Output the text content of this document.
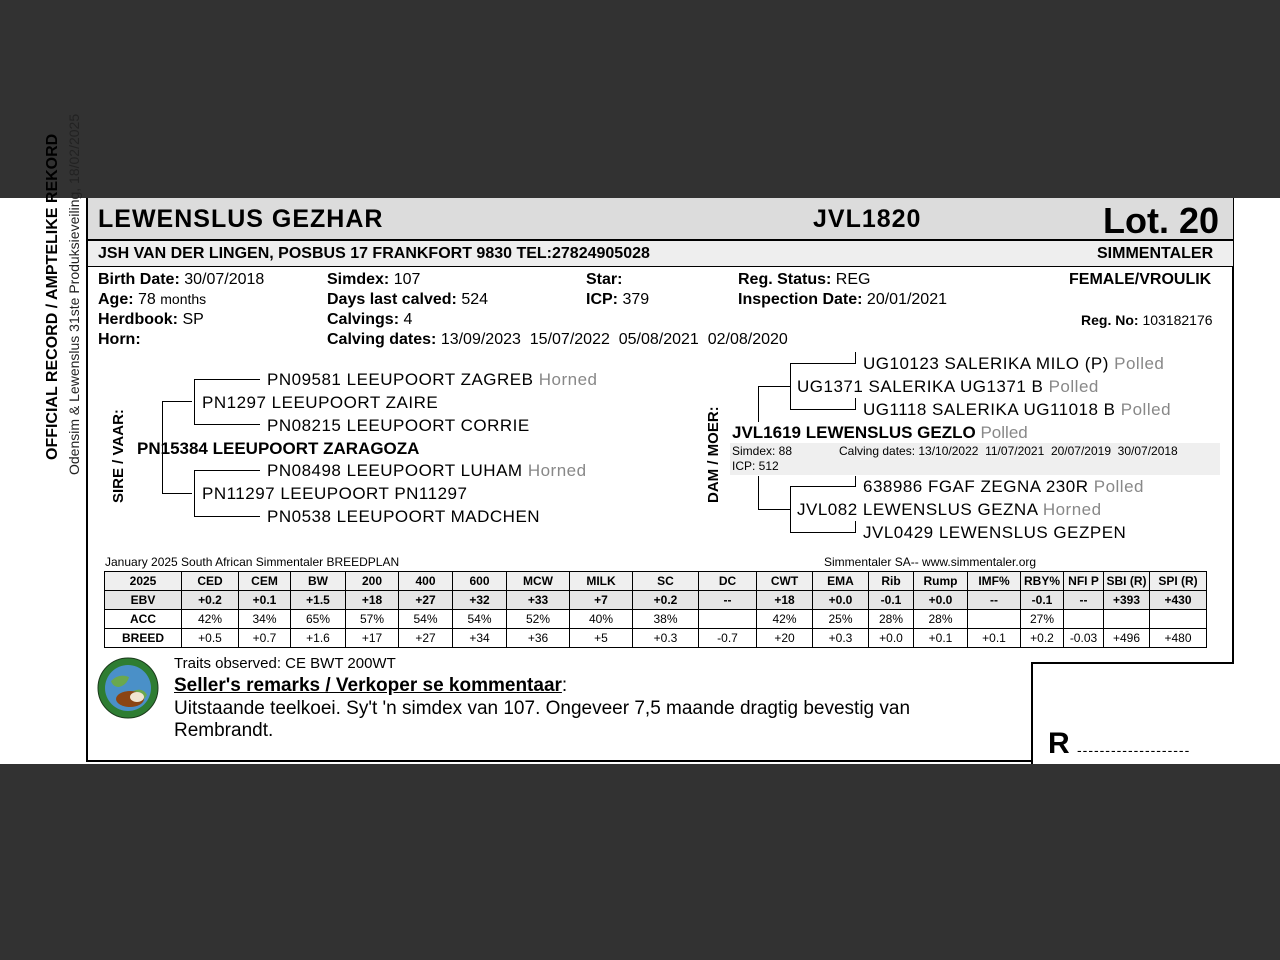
OFFICIAL RECORD / AMPTELIKE REKORD Odensim & Lewenslus 31ste Produksieveiling, 18/02/2025 LEWENSLUS GEZHAR	JVL1820	Lot. 20
JSH VAN DER LINGEN, POSBUS 17 FRANKFORT 9830 TEL:27824905028	SIMMENTALER
Birth Date: 30/07/2018
Age: 78 months
Herdbook: SP
Horn:
Simdex: 107
Days last calved: 524
Calvings: 4
Calving dates: 13/09/2023  15/07/2022  05/08/2021  02/08/2020
Star:
ICP: 379
Reg. Status: REG
Inspection Date: 20/01/2021
FEMALE/VROULIK
Reg. No: 103182176
SIRE / VAAR:
PN09581 LEEUPOORT ZAGREB Horned
PN1297 LEEUPOORT ZAIRE
PN08215 LEEUPOORT CORRIE
PN15384 LEEUPOORT ZARAGOZA
PN08498 LEEUPOORT LUHAM Horned
PN11297 LEEUPOORT PN11297
PN0538 LEEUPOORT MADCHEN
DAM / MOER:
UG10123 SALERIKA MILO (P) Polled
UG1371 SALERIKA UG1371 B Polled
UG1118 SALERIKA UG11018 B Polled
JVL1619 LEWENSLUS GEZLO Polled
Simdex: 88
ICP: 512
Calving dates: 13/10/2022  11/07/2021  20/07/2019  30/07/2018
638986 FGAF ZEGNA 230R Polled
JVL082 LEWENSLUS GEZNA Horned
JVL0429 LEWENSLUS GEZPEN
January 2025 South African Simmentaler BREEDPLAN	Simmentaler SA-- www.simmentaler.org
2025	CED	CEM	BW	200	400	600	MCW	MILK	SC	DC	CWT	EMA	Rib	Rump	IMF%	RBY%	NFI P	SBI (R)	SPI (R)
EBV	+0.2	+0.1	+1.5	+18	+27	+32	+33	+7	+0.2	--	+18	+0.0	-0.1	+0.0	--	-0.1	--	+393	+430
ACC	42%	34%	65%	57%	54%	54%	52%	40%	38%		42%	25%	28%	28%		27%			
BREED	+0.5	+0.7	+1.6	+17	+27	+34	+36	+5	+0.3	-0.7	+20	+0.3	+0.0	+0.1	+0.1	+0.2	-0.03	+496	+480
Traits observed: CE BWT 200WT
Seller's remarks / Verkoper se kommentaar:
Uitstaande teelkoei. Sy't 'n simdex van 107. Ongeveer 7,5 maande dragtig bevestig van
Rembrandt.	R --------------------
